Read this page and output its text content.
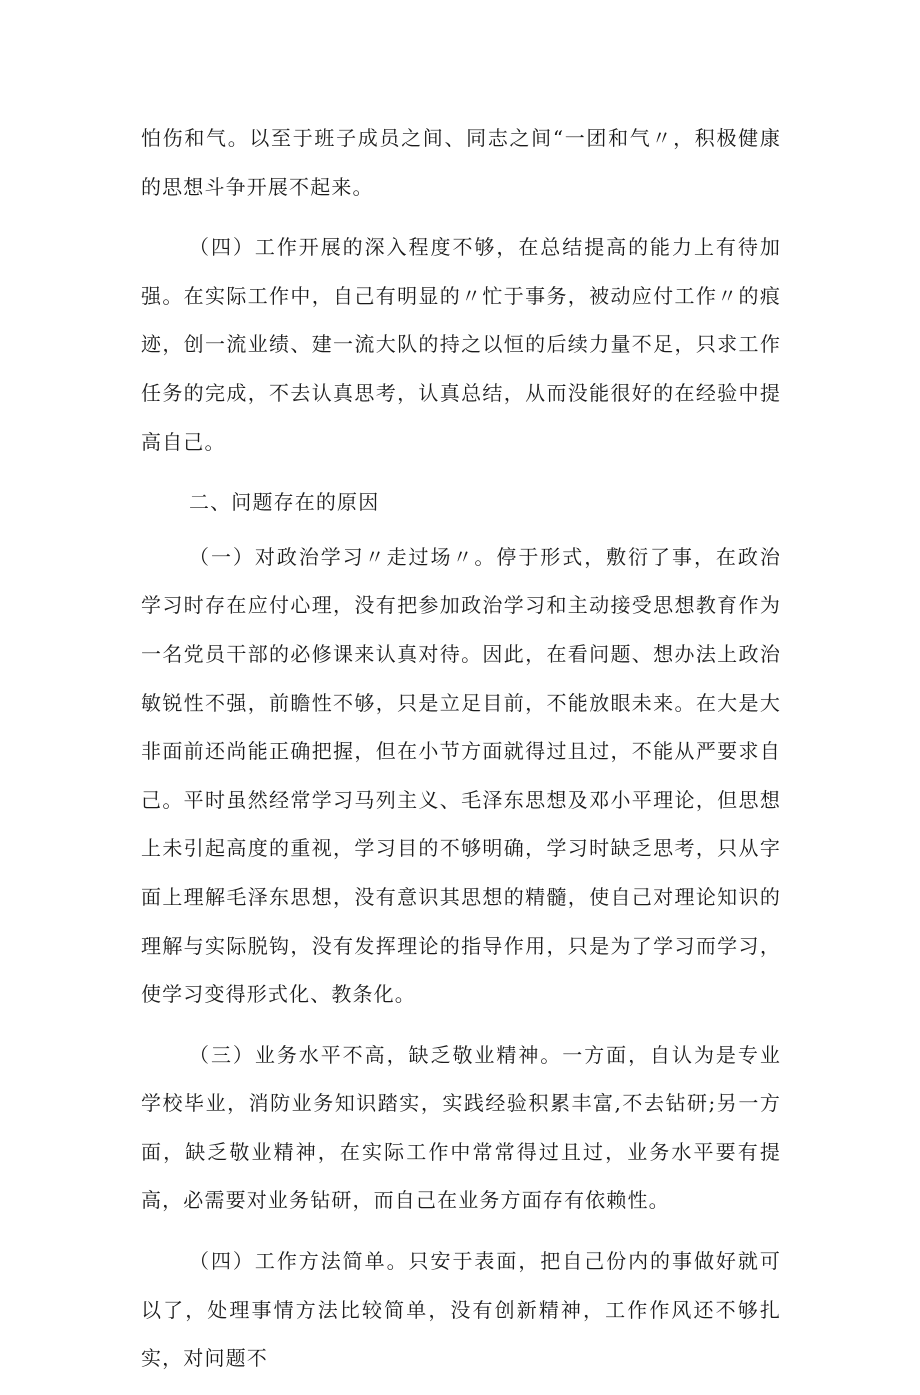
怕伤和气。以至于班子成员之间、同志之间“一团和气〃，积极健康的思想斗争开展不起来。

（四）工作开展的深入程度不够，在总结提高的能力上有待加强。在实际工作中，自己有明显的〃忙于事务，被动应付工作〃的痕迹，创一流业绩、建一流大队的持之以恒的后续力量不足，只求工作任务的完成，不去认真思考，认真总结，从而没能很好的在经验中提高自己。

二、问题存在的原因

（一）对政治学习〃走过场〃。停于形式，敷衍了事，在政治学习时存在应付心理，没有把参加政治学习和主动接受思想教育作为一名党员干部的必修课来认真对待。因此，在看问题、想办法上政治敏锐性不强，前瞻性不够，只是立足目前，不能放眼未来。在大是大非面前还尚能正确把握，但在小节方面就得过且过，不能从严要求自己。平时虽然经常学习马列主义、毛泽东思想及邓小平理论，但思想上未引起高度的重视，学习目的不够明确，学习时缺乏思考，只从字面上理解毛泽东思想，没有意识其思想的精髓，使自己对理论知识的理解与实际脱钩，没有发挥理论的指导作用，只是为了学习而学习，使学习变得形式化、教条化。

（三）业务水平不高，缺乏敬业精神。一方面，自认为是专业学校毕业，消防业务知识踏实，实践经验积累丰富,不去钻研;另一方面，缺乏敬业精神，在实际工作中常常得过且过，业务水平要有提高，必需要对业务钻研，而自己在业务方面存有依赖性。

（四）工作方法简单。只安于表面，把自己份内的事做好就可以了，处理事情方法比较简单，没有创新精神，工作作风还不够扎实，对问题不
